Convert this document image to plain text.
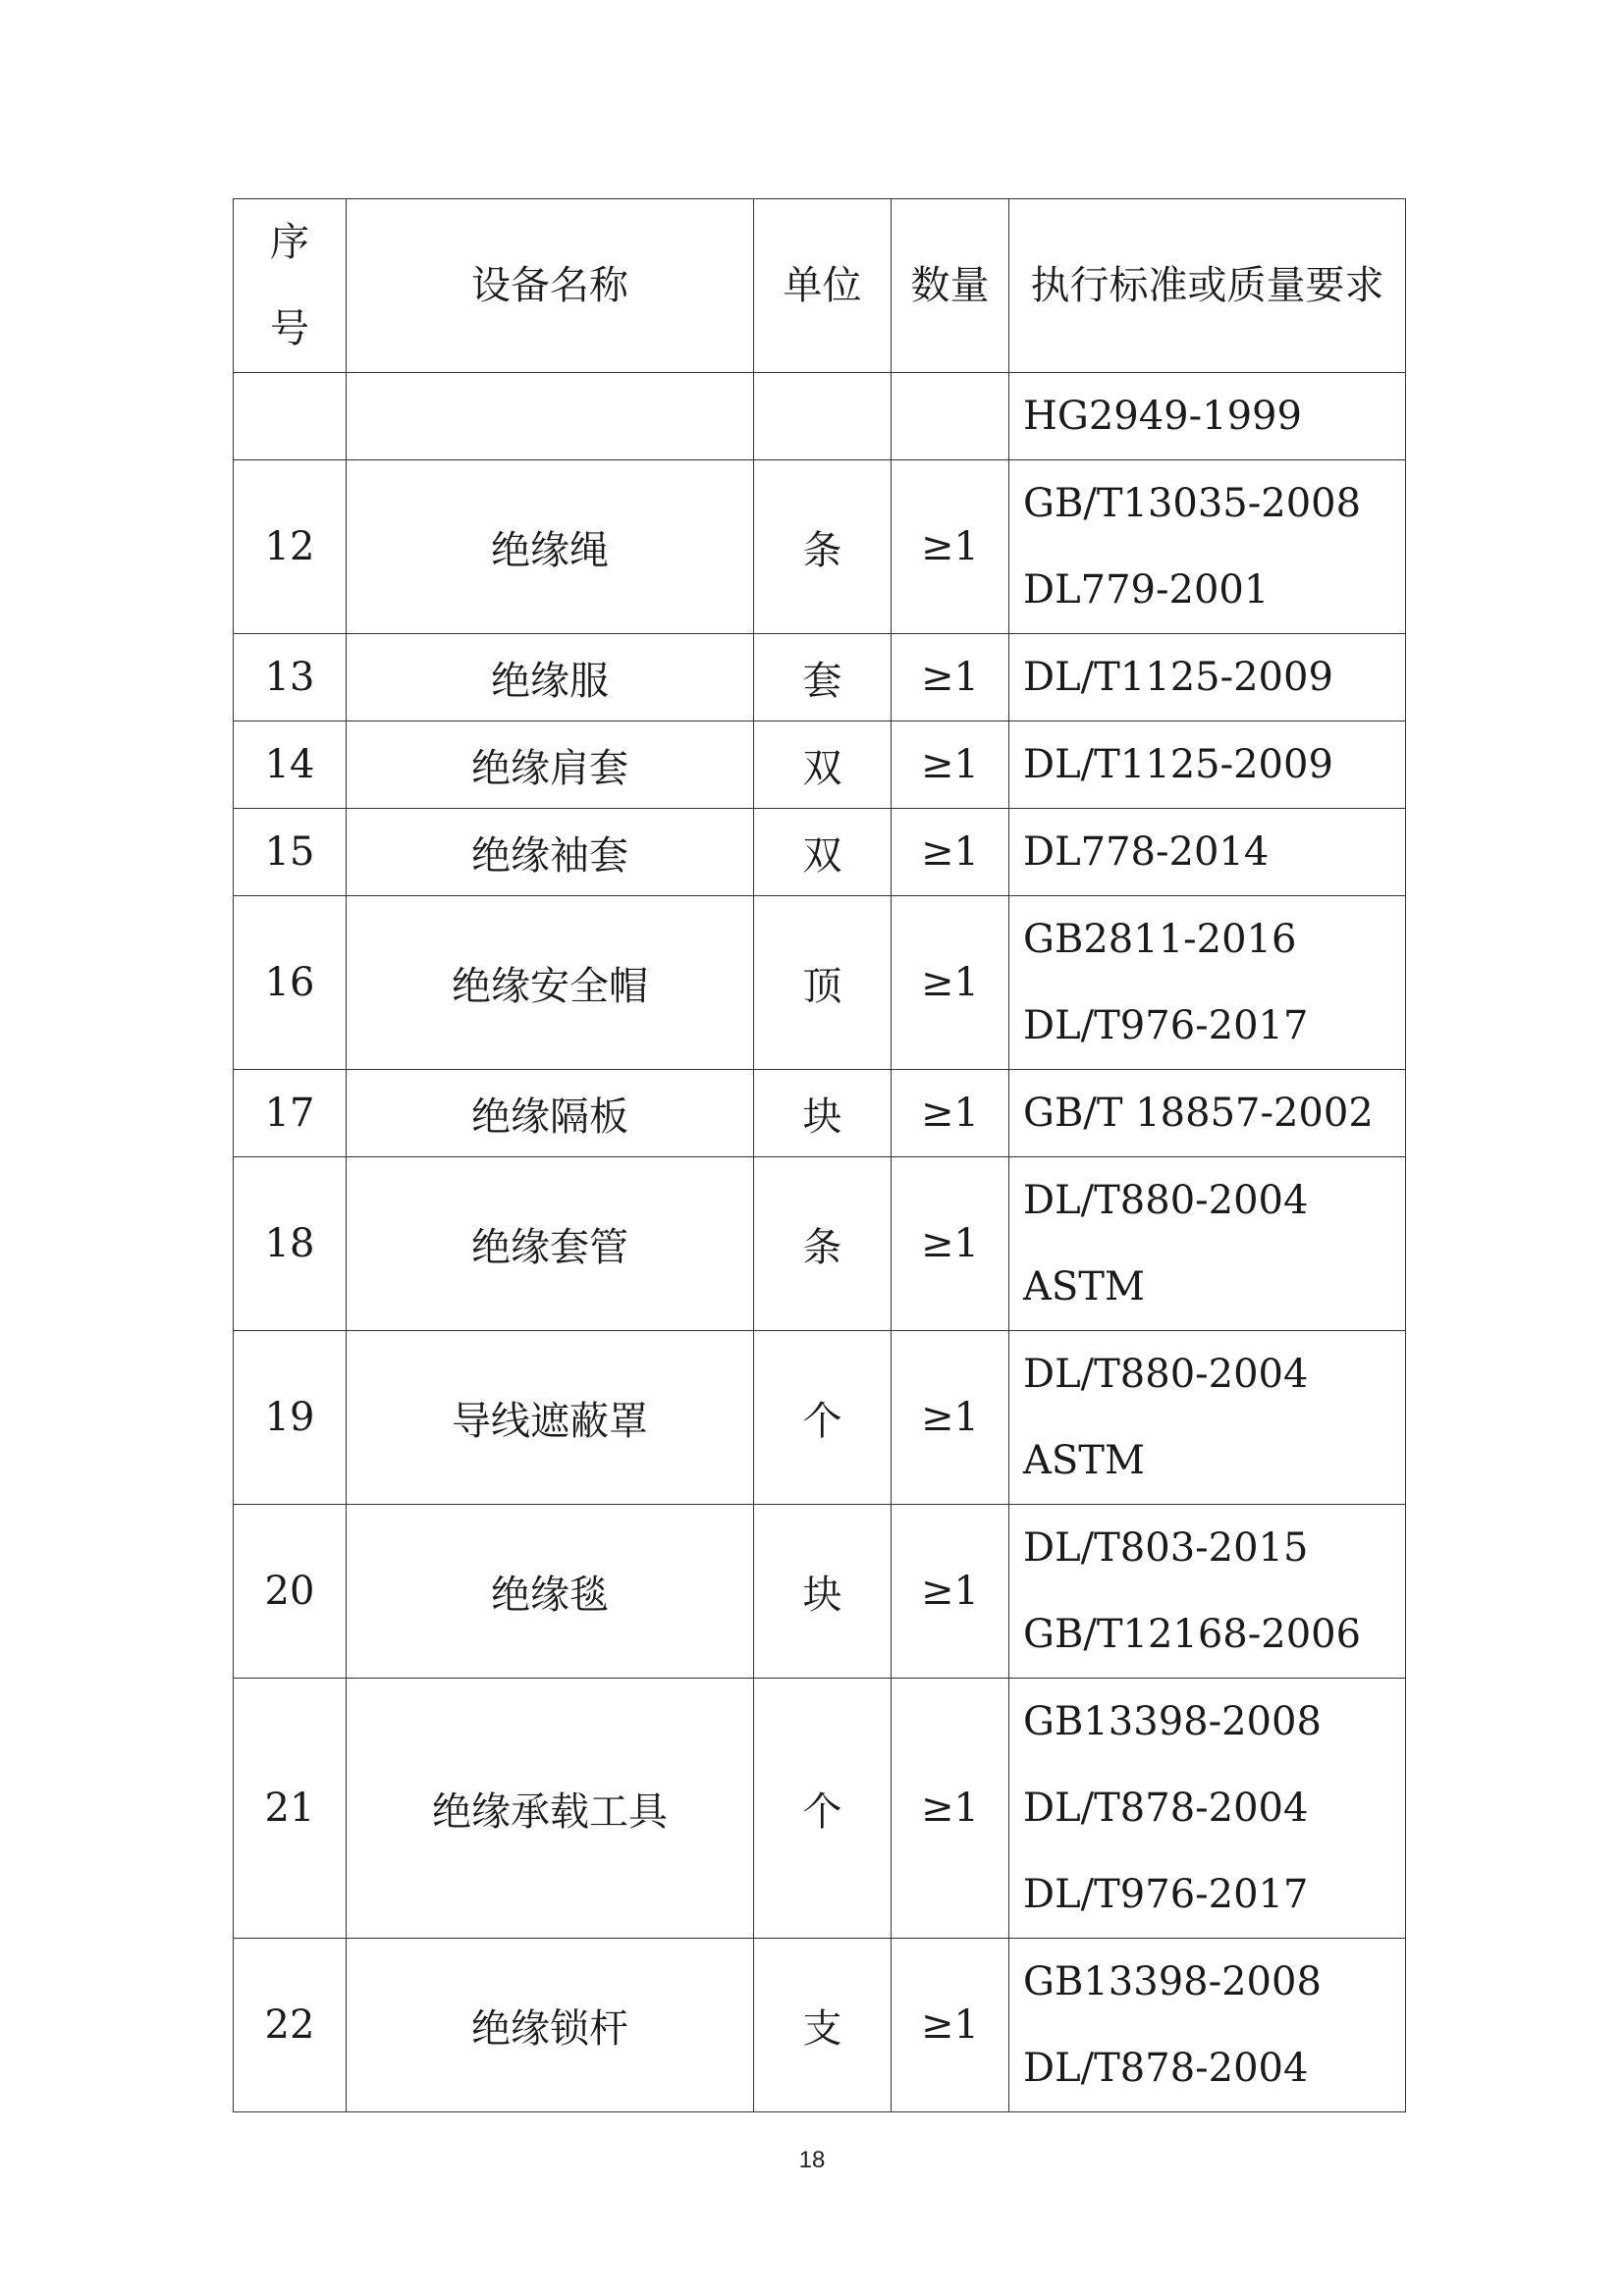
序号	设备名称	单位	数量	执行标准或质量要求

				HG2949-1999

12	绝缘绳	条	≥1	GB/T13035-2008
DL779-2001

13	绝缘服	套	≥1	DL/T1125-2009

14	绝缘肩套	双	≥1	DL/T1125-2009

15	绝缘袖套	双	≥1	DL778-2014

16	绝缘安全帽	顶	≥1	GB2811-2016
DL/T976-2017

17	绝缘隔板	块	≥1	GB/T 18857-2002

18	绝缘套管	条	≥1	DL/T880-2004
ASTM

19	导线遮蔽罩	个	≥1	DL/T880-2004
ASTM

20	绝缘毯	块	≥1	DL/T803-2015
GB/T12168-2006

21	绝缘承载工具	个	≥1	GB13398-2008
DL/T878-2004
DL/T976-2017

22	绝缘锁杆	支	≥1	GB13398-2008
DL/T878-2004
18
